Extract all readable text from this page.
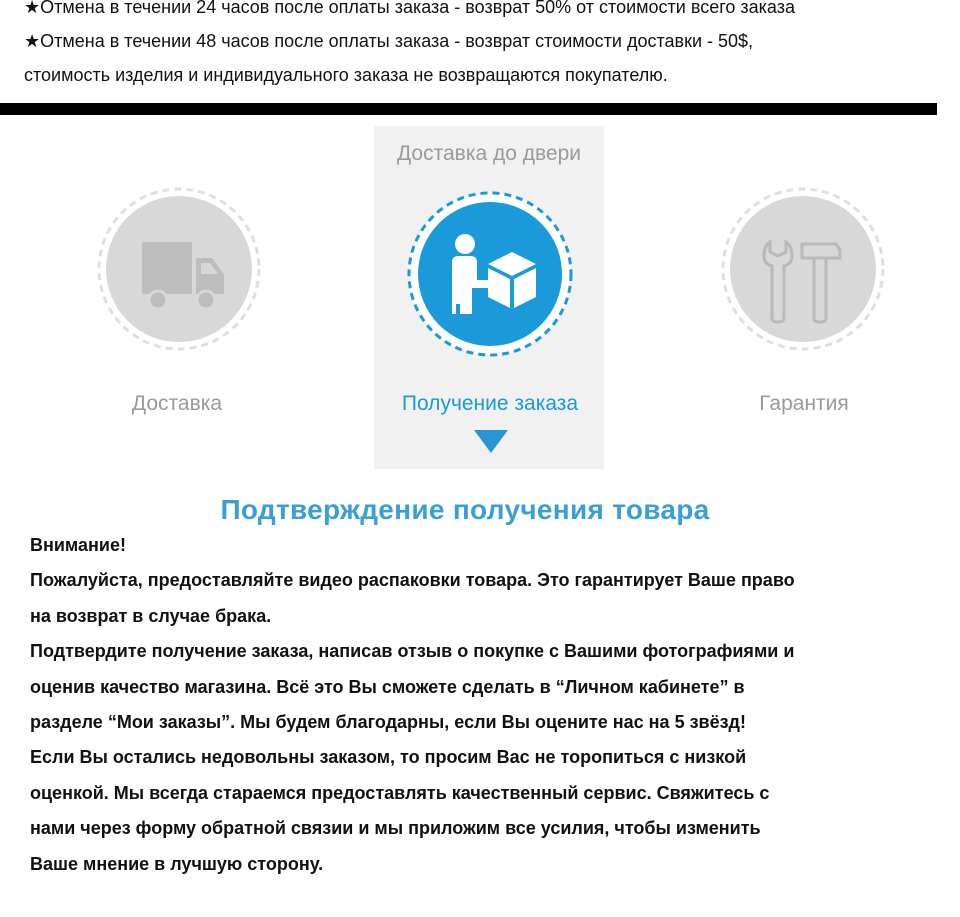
★Отмена в течении 24 часов после оплаты заказа - возврат 50% от стоимости всего заказа
★Отмена в течении 48 часов после оплаты заказа - возврат стоимости доставки - 50$,
стоимость изделия и индивидуального заказа не возвращаются покупателю.
Доставка до двери
Доставка	Получение заказа	Гарантия
Подтверждение получения товара
Внимание!
Пожалуйста, предоставляйте видео распаковки товара. Это гарантирует Ваше право
на возврат в случае брака.
Подтвердите получение заказа, написав отзыв о покупке с Вашими фотографиями и
оценив качество магазина. Всё это Вы сможете сделать в “Личном кабинете” в
разделе “Мои заказы”. Мы будем благодарны, если Вы оцените нас на 5 звёзд!
Если Вы остались недовольны заказом, то просим Вас не торопиться с низкой
оценкой. Мы всегда стараемся предоставлять качественный сервис. Свяжитесь с
нами через форму обратной связии и мы приложим все усилия, чтобы изменить
Ваше мнение в лучшую сторону.
